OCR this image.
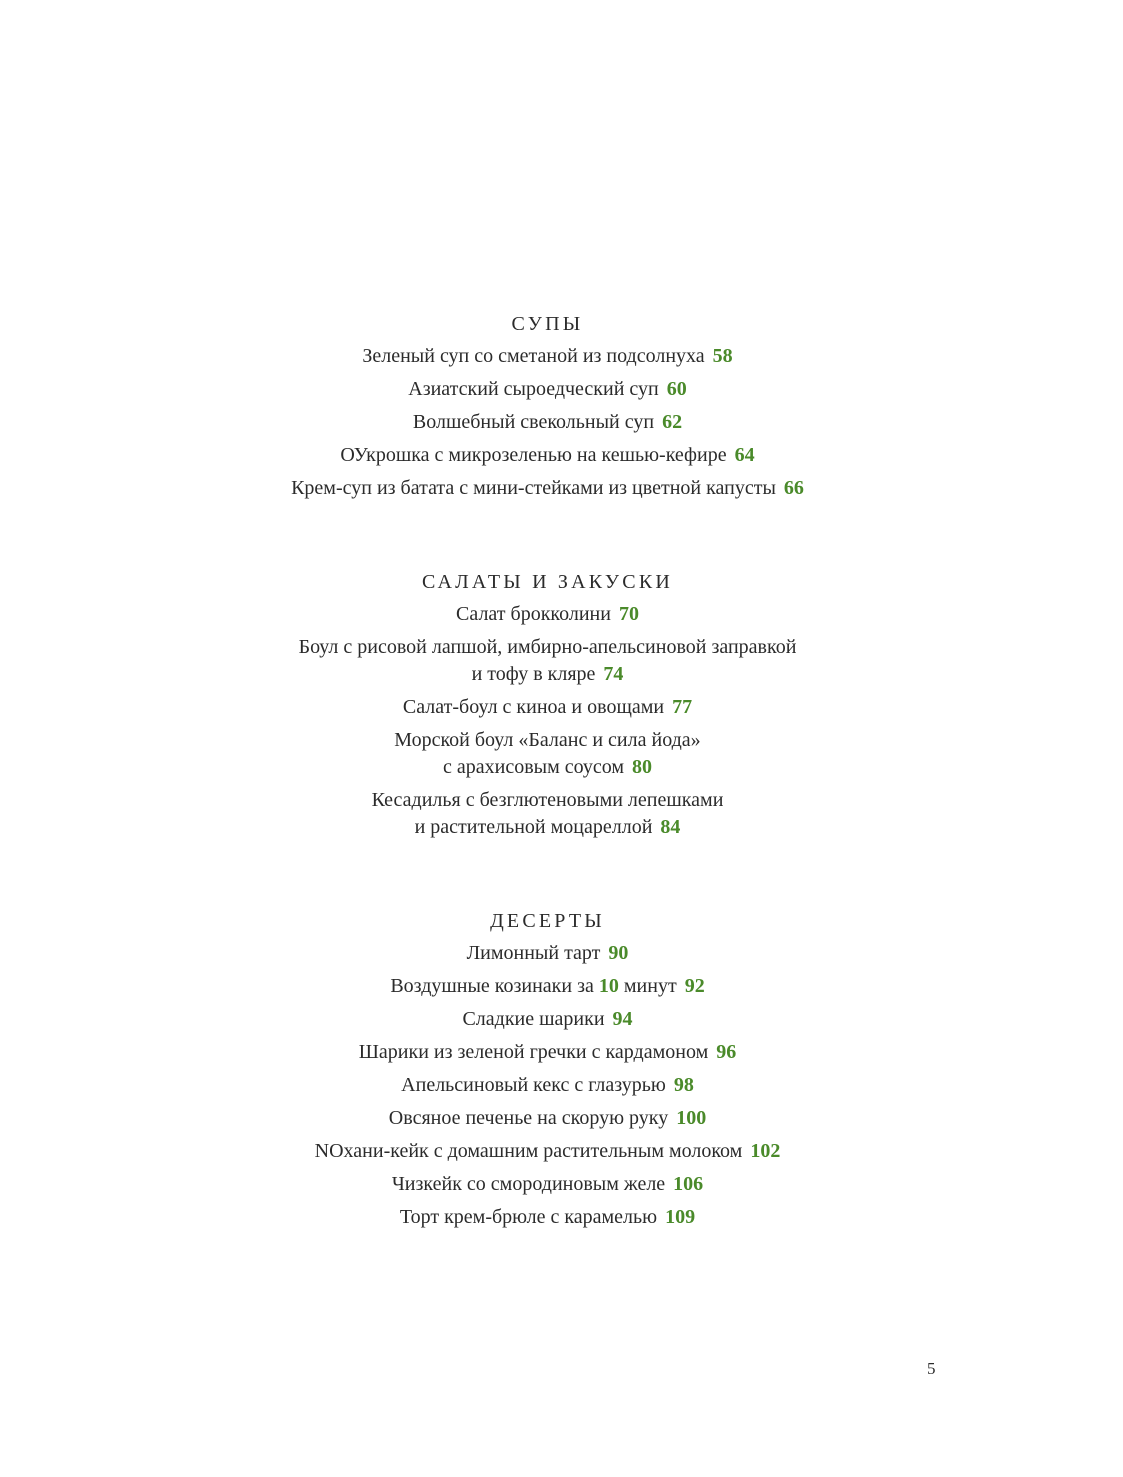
СУПЫ
Зеленый суп со сметаной из подсолнуха 58
Азиатский сыроедческий суп 60
Волшебный свекольный суп 62
ОУкрошка с микрозеленью на кешью-кефире 64
Крем-суп из батата с мини-стейками из цветной капусты 66
САЛАТЫ И ЗАКУСКИ
Салат брокколини 70
Боул с рисовой лапшой, имбирно-апельсиновой заправкой
и тофу в кляре 74
Салат-боул с киноа и овощами 77
Морской боул «Баланс и сила йода»
с арахисовым соусом 80
Кесадилья с безглютеновыми лепешками
и растительной моцареллой 84
ДЕСЕРТЫ
Лимонный тарт 90
Воздушные козинаки за 10 минут 92
Сладкие шарики 94
Шарики из зеленой гречки с кардамоном 96
Апельсиновый кекс с глазурью 98
Овсяное печенье на скорую руку 100
NOхани-кейк с домашним растительным молоком 102
Чизкейк со смородиновым желе 106
Торт крем-брюле с карамелью 109
5
